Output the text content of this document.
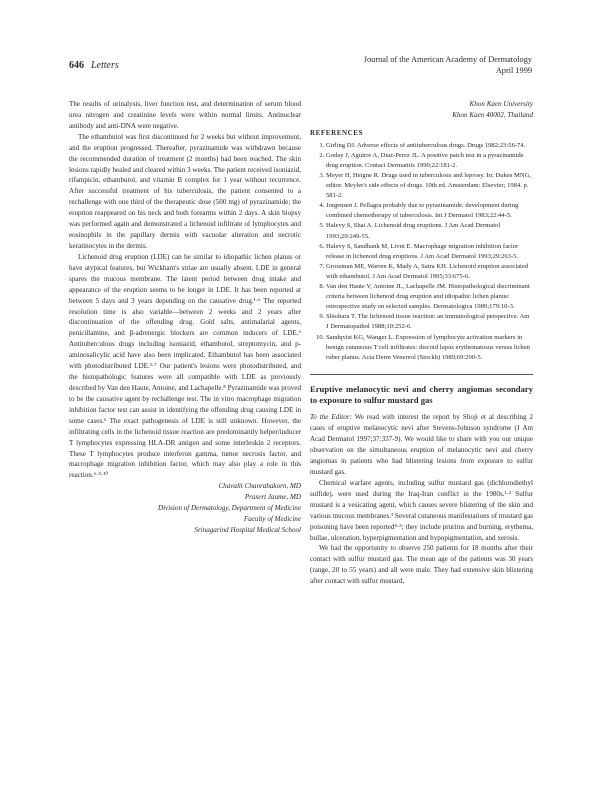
646 Letters
Journal of the American Academy of Dermatology
April 1999

The results of urinalysis, liver function test, and determination of serum blood urea nitrogen and creatinine levels were within normal limits. Antinuclear antibody and anti-DNA were negative.

The ethambutol was first discontinued for 2 weeks but without improvement, and the eruption progressed. Thereafter, pyrazinamide was withdrawn because the recommended duration of treatment (2 months) had been reached. The skin lesions rapidly healed and cleared within 3 weeks. The patient received isoniazid, rifampicin, ethambutol, and vitamin B complex for 1 year without recurrence. After successful treatment of his tuberculosis, the patient consented to a rechallenge with one third of the therapeutic dose (500 mg) of pyrazinamide; the eruption reappeared on his neck and both forearms within 2 days. A skin biopsy was performed again and demonstrated a lichenoid infiltrate of lymphocytes and eosinophils in the papillary dermis with vacuolar alteration and necrotic keratinocytes in the dermis.

Lichenoid drug eruption (LDE) can be similar to idiopathic lichen planus or have atypical features, but Wickham's striae are usually absent. LDE in general spares the mucous membrane. The latent period between drug intake and appearance of the eruption seems to be longer in LDE. It has been reported at between 5 days and 3 years depending on the causative drug.¹·⁶ The reported resolution time is also variable—between 2 weeks and 2 years after discontinuation of the offending drug. Gold salts, antimalarial agents, penicillamine, and β-adrenergic blockers are common inducers of LDE.⁶ Antituberculous drugs including isoniazid, ethambutol, streptomycin, and p-aminosalicylic acid have also been implicated. Ethambutol has been associated with photodistributed LDE.³·⁷ Our patient's lesions were photodistributed, and the histopathologic features were all compatible with LDE as previously described by Van den Haute, Antoine, and Lachapelle.⁸ Pyrazinamide was proved to be the causative agent by rechallenge test. The in vitro macrophage migration inhibition factor test can assist in identifying the offending drug causing LDE in some cases.⁶ The exact pathogenesis of LDE is still unknown. However, the infiltrating cells in the lichenoid tissue reaction are predominantly helper/inducer T lymphocytes expressing HLA-DR antigen and some interleukin 2 receptors. These T lymphocytes produce interferon gamma, tumor necrosis factor, and macrophage migration inhibition factor, which may also play a role in this reaction.⁶·⁹·¹⁰

Chavalit Chanrahakorn, MD

Prasert Jaume, MD

Division of Dermatology, Department of Medicine

Faculty of Medicine

Srinagarind Hospital Medical School

Khon Kaen University
Khon Kaen 40002, Thailand
REFERENCES
1. Girling DJ. Adverse effects of antituberculous drugs. Drugs 1982;23:56-74.
2. Goday J, Aguirre A, Diaz-Perez JL. A positive patch test in a pyrazinamide drug eruption. Contact Dermatitis 1990;22:181-2.
3. Meyer H, Heigne R. Drugs used in tuberculosis and leprosy. In: Dukes MNG, editor. Meyler's side effects of drugs. 10th ed. Amsterdam: Elsevier; 1984. p. 581-2.
4. Jorgensen J. Pellagra probably due to pyrazinamide: development during combined chemotherapy of tuberculosis. Int J Dermatol 1983;22:44-5.
5. Halevy S, Shai A. Lichenoid drug eruptions. J Am Acad Dermatol 1993;29:249-55.
6. Halevy S, Sandbank M, Livni E. Macrophage migration inhibition factor release in lichenoid drug eruptions. J Am Acad Dermatol 1993;29:263-5.
7. Grossman ME, Warren K, Mady A, Satra KH. Lichenoid eruption associated with ethambutol. J Am Acad Dermatol 1995;33:675-6.
8. Van den Haute V, Antoine JL, Lachapelle JM. Histopathological discriminant criteria between lichenoid drug eruption and idiopathic lichen planus: retrospective study on selected samples. Dermatologica 1989;179:10-3.
9. Shiohara T. The lichenoid tissue reaction: an immunological perspective. Am J Dermatopathol 1988;10:252-6.
10. Sandqvist KG, Wanger L. Expression of lymphocyte activation markers in benign cutaneous T cell infiltrates: discoid lupus erythematosus versus lichen ruber planus. Acta Derm Venereol (Stockh) 1989;69:290-5.
Eruptive melanocytic nevi and cherry angiomas secondary to exposure to sulfur mustard gas

To the Editor: We read with interest the report by Shoji et al describing 2 cases of eruptive melanocytic nevi after Stevens-Johnson syndrome (J Am Acad Dermatol 1997;37:337-9). We would like to share with you our unique observation on the simultaneous eruption of melanocytic nevi and cherry angiomas in patients who had blistering lesions from exposure to sulfur mustard gas.

Chemical warfare agents, including sulfur mustard gas (dichlorodiethyl sulfide), were used during the Iraq-Iran conflict in the 1980s.¹·² Sulfur mustard is a vesicating agent, which causes severe blistering of the skin and various mucous membranes.³ Several cutaneous manifestations of mustard gas poisoning have been reported⁴·⁵; they include pruritus and burning, erythema, bullae, ulceration, hyperpigmentation and hypopigmentation, and xerosis.

We had the opportunity to observe 250 patients for 18 months after their contact with sulfur mustard gas. The mean age of the patients was 30 years (range, 20 to 55 years) and all were male. They had extensive skin blistering after contact with sulfur mustard,
